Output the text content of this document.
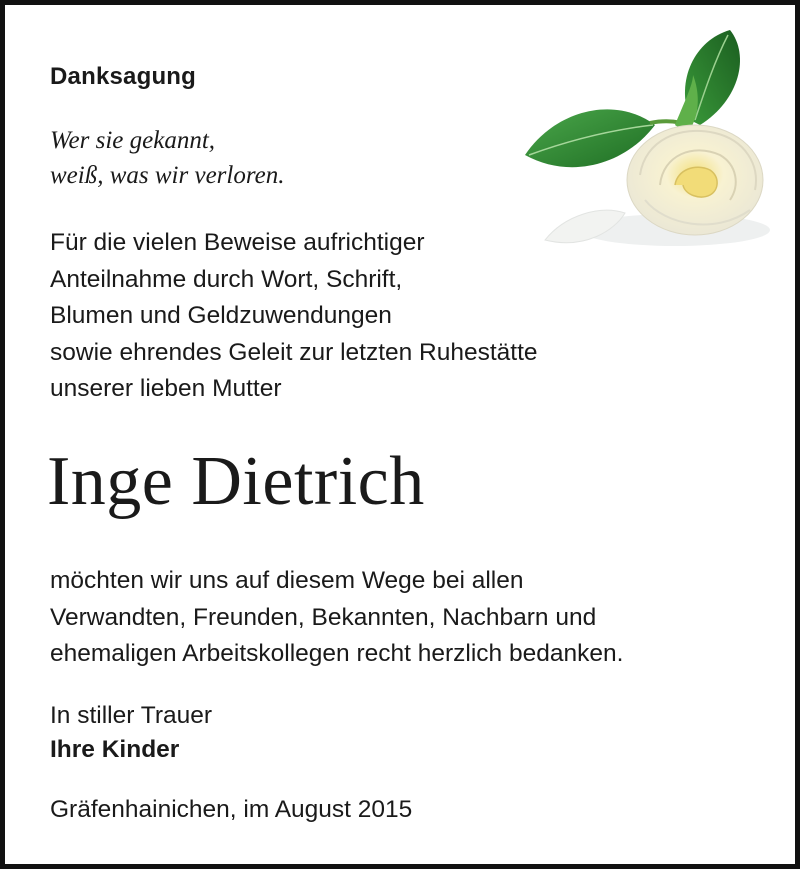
Danksagung
Wer sie gekannt,
weiß, was wir verloren.
Für die vielen Beweise aufrichtiger
Anteilnahme durch Wort, Schrift,
Blumen und Geldzuwendungen
sowie ehrendes Geleit zur letzten Ruhestätte
unserer lieben Mutter
Inge Dietrich
möchten wir uns auf diesem Wege bei allen
Verwandten, Freunden, Bekannten, Nachbarn und
ehemaligen Arbeitskollegen recht herzlich bedanken.
In stiller Trauer
Ihre Kinder
Gräfenhainichen, im August 2015
